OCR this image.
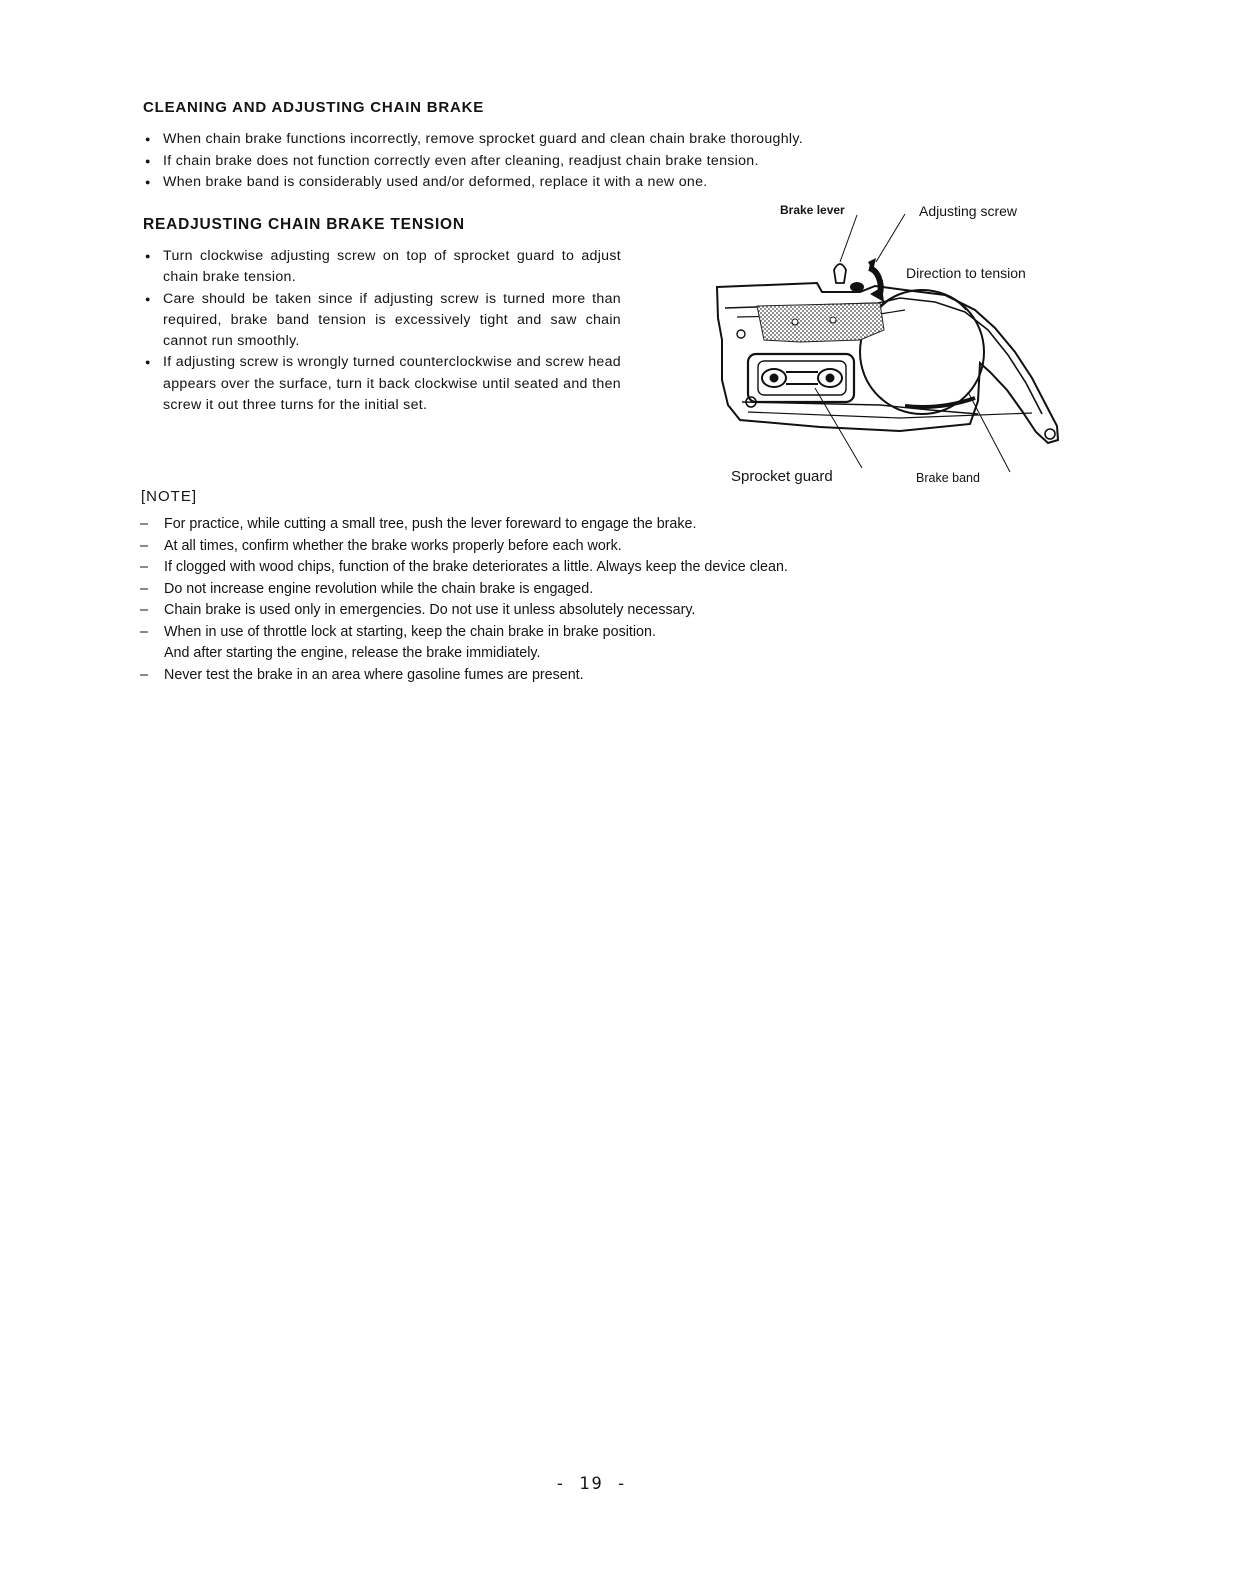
CLEANING AND ADJUSTING CHAIN BRAKE
● When chain brake functions incorrectly, remove sprocket guard and clean chain brake thoroughly.
● If chain brake does not function correctly even after cleaning, readjust chain brake tension.
● When brake band is considerably used and/or deformed, replace it with a new one.
READJUSTING CHAIN BRAKE TENSION
● Turn clockwise adjusting screw on top of sprocket guard to adjust chain brake tension.
● Care should be taken since if adjusting screw is turned more than required, brake band tension is excessively tight and saw chain cannot run smoothly.
● If adjusting screw is wrongly turned counterclockwise and screw head appears over the surface, turn it back clockwise until seated and then screw it out three turns for the initial set.
Brake lever	Adjusting screw
Direction to tension
Sprocket guard	Brake band
[NOTE]
– For practice, while cutting a small tree, push the lever foreward to engage the brake.
– At all times, confirm whether the brake works properly before each work.
– If clogged with wood chips, function of the brake deteriorates a little. Always keep the device clean.
– Do not increase engine revolution while the chain brake is engaged.
– Chain brake is used only in emergencies. Do not use it unless absolutely necessary.
– When in use of throttle lock at starting, keep the chain brake in brake position.
And after starting the engine, release the brake immidiately.
– Never test the brake in an area where gasoline fumes are present.
- 19 -
